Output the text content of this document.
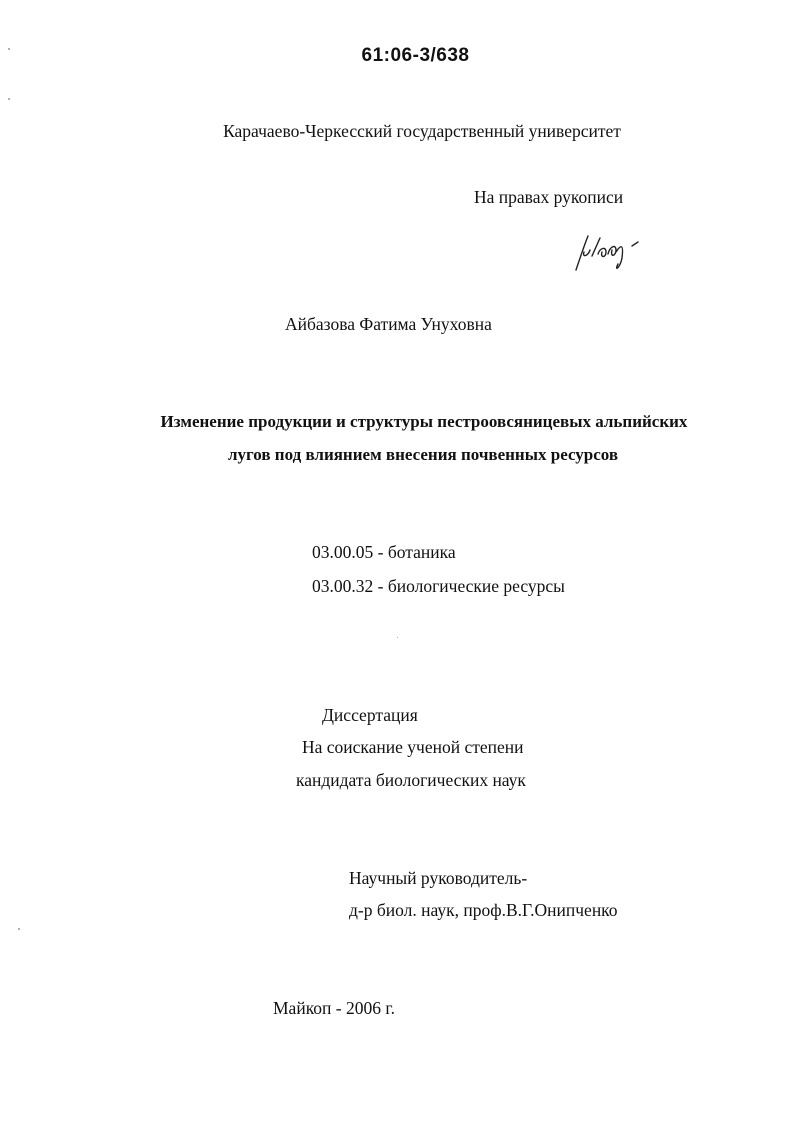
61:06-3/638
Карачаево-Черкесский государственный университет
На правах рукописи
Айбазова Фатима Унуховна
Изменение продукции и структуры пестроовсяницевых альпийских
лугов под влиянием внесения почвенных ресурсов
03.00.05 - ботаника
03.00.32 - биологические ресурсы
Диссертация
На соискание ученой степени
кандидата биологических наук
Научный руководитель-
д-р биол. наук, проф.В.Г.Онипченко
Майкоп - 2006 г.
